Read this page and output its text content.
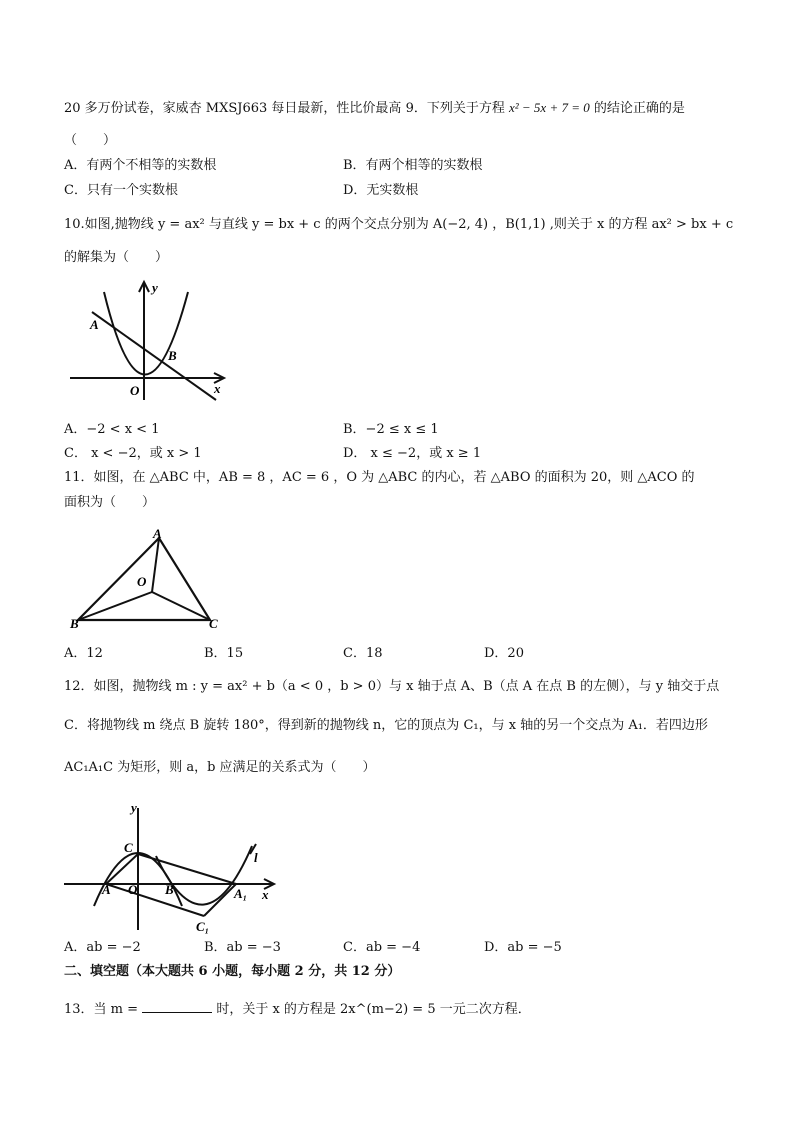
20 多万份试卷，家威杏 MXSJ663 每日最新，性比价最高 9．下列关于方程 x² − 5x + 7 = 0 的结论正确的是
（　　）
A．有两个不相等的实数根	B．有两个相等的实数根
C．只有一个实数根	D．无实数根
10.如图,抛物线 y = ax² 与直线 y = bx + c 的两个交点分别为 A(−2, 4) ，B(1,1) ,则关于 x 的方程 ax² > bx + c
的解集为（　　）
y
x
A
B
O
A．−2 < x < 1	B．−2 ≤ x ≤ 1
C． x < −2，或 x > 1	D． x ≤ −2，或 x ≥ 1
11．如图，在 △ABC 中，AB = 8 ，AC = 6 ，O 为 △ABC 的内心，若 △ABO 的面积为 20，则 △ACO 的
面积为（　　）
A
O
B	C
A．12	B．15	C．18	D．20
12．如图，抛物线 m : y = ax² + b（a < 0 ，b > 0）与 x 轴于点 A、B（点 A 在点 B 的左侧），与 y 轴交于点
C．将抛物线 m 绕点 B 旋转 180°，得到新的抛物线 n，它的顶点为 C₁，与 x 轴的另一个交点为 A₁．若四边形
AC₁A₁C 为矩形，则 a，b 应满足的关系式为（　　）
y
x
l
C
A O B
C₁
A₁
A．ab = −2	B．ab = −3	C．ab = −4	D．ab = −5
二、填空题（本大题共 6 小题，每小题 2 分，共 12 分）
13．当 m =	时，关于 x 的方程是 2x^(m−2) = 5 一元二次方程．
